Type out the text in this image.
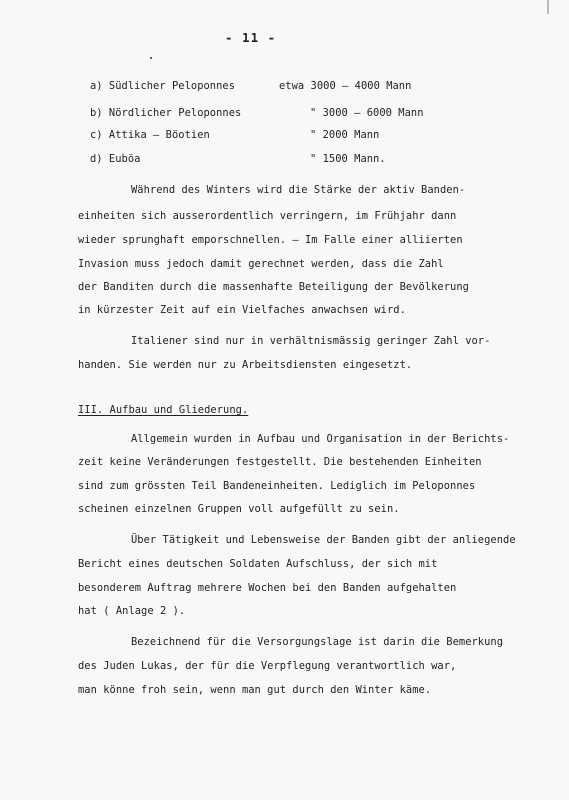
- 11 -
a) Südlicher Peloponnes	etwa 3000 – 4000 Mann
b) Nördlicher Peloponnes	" 3000 – 6000 Mann
c) Attika – Böotien	" 2000 Mann
d) Euböa	" 1500 Mann.
Während des Winters wird die Stärke der aktiv Banden-
einheiten sich ausserordentlich verringern, im Frühjahr dann
wieder sprunghaft emporschnellen. – Im Falle einer alliierten
Invasion muss jedoch damit gerechnet werden, dass die Zahl
der Banditen durch die massenhafte Beteiligung der Bevölkerung
in kürzester Zeit auf ein Vielfaches anwachsen wird.
Italiener sind nur in verhältnismässig geringer Zahl vor-
handen. Sie werden nur zu Arbeitsdiensten eingesetzt.
III. Aufbau und Gliederung.
Allgemein wurden in Aufbau und Organisation in der Berichts-
zeit keine Veränderungen festgestellt. Die bestehenden Einheiten
sind zum grössten Teil Bandeneinheiten. Lediglich im Peloponnes
scheinen einzelnen Gruppen voll aufgefüllt zu sein.
Über Tätigkeit und Lebensweise der Banden gibt der anliegende
Bericht eines deutschen Soldaten Aufschluss, der sich mit
besonderem Auftrag mehrere Wochen bei den Banden aufgehalten
hat ( Anlage 2 ).
Bezeichnend für die Versorgungslage ist darin die Bemerkung
des Juden Lukas, der für die Verpflegung verantwortlich war,
man könne froh sein, wenn man gut durch den Winter käme.
